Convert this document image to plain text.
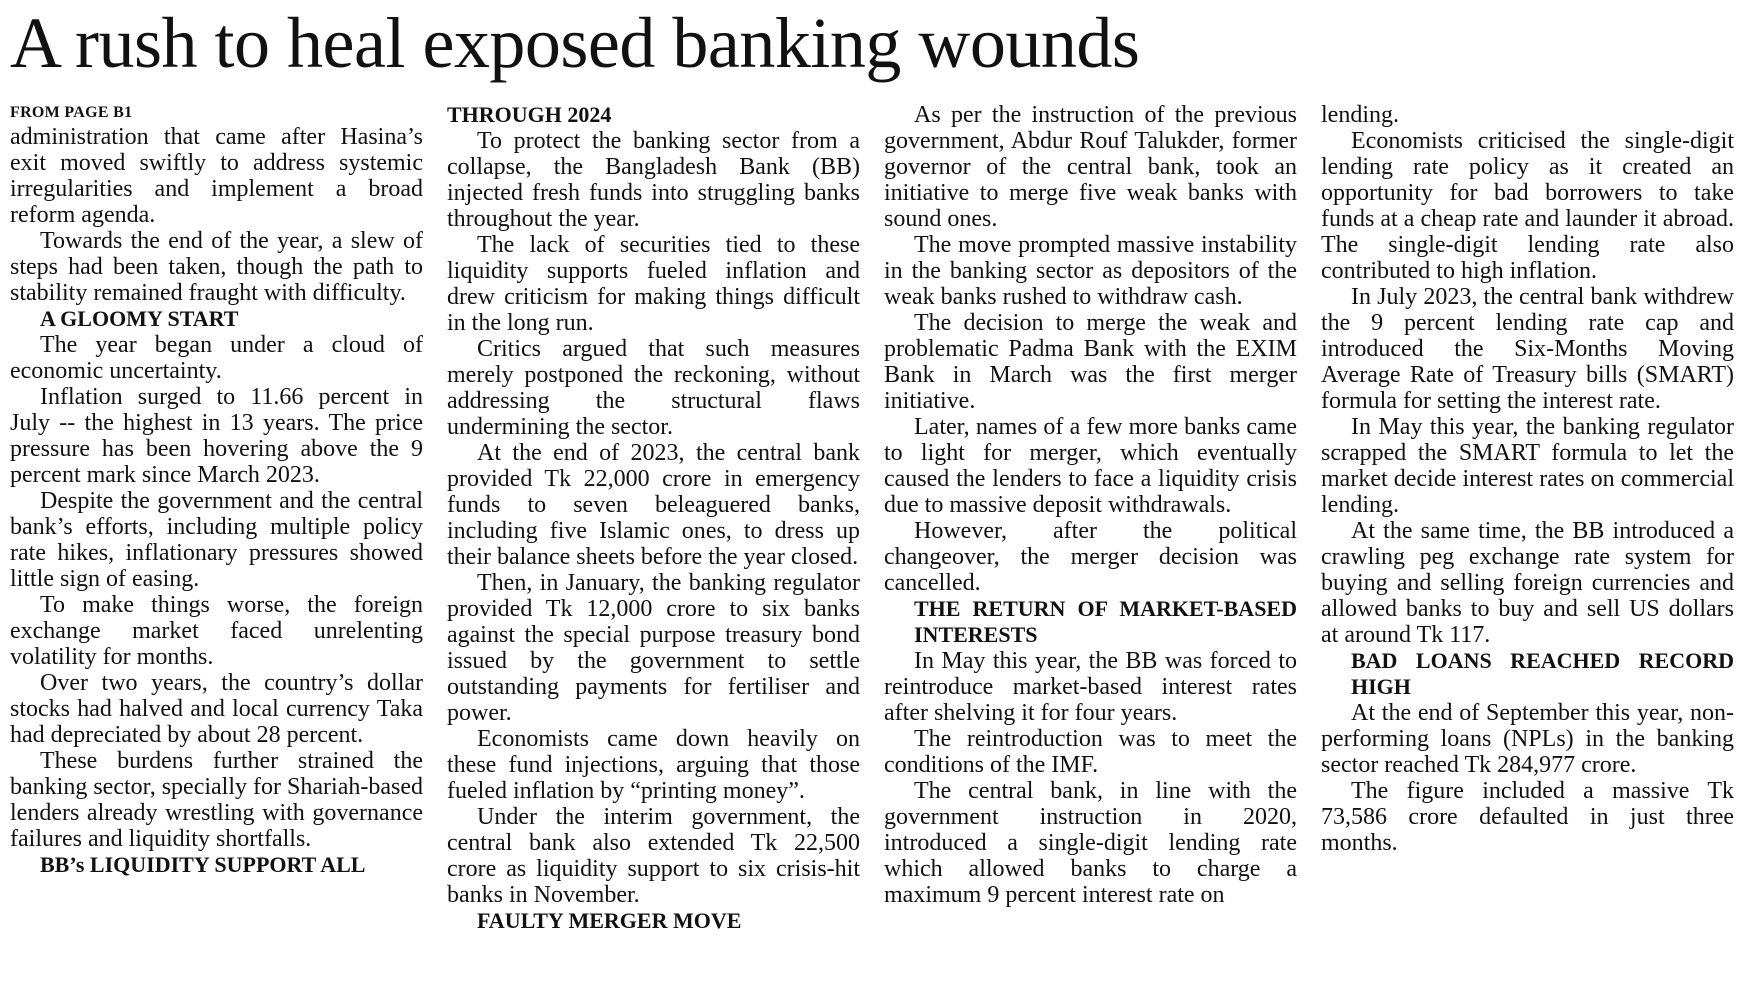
A rush to heal exposed banking wounds
FROM PAGE B1

administration that came after Hasina’s exit moved swiftly to address systemic irregularities and implement a broad reform agenda.

Towards the end of the year, a slew of steps had been taken, though the path to stability remained fraught with difficulty.

A GLOOMY START

The year began under a cloud of economic uncertainty.

Inflation surged to 11.66 percent in July -- the highest in 13 years. The price pressure has been hovering above the 9 percent mark since March 2023.

Despite the government and the central bank’s efforts, including multiple policy rate hikes, inflationary pressures showed little sign of easing.

To make things worse, the foreign exchange market faced unrelenting volatility for months.

Over two years, the country’s dollar stocks had halved and local currency Taka had depreciated by about 28 percent.

These burdens further strained the banking sector, specially for Shariah-based lenders already wrestling with governance failures and liquidity shortfalls.

BB’s LIQUIDITY SUPPORT ALL
THROUGH 2024

To protect the banking sector from a collapse, the Bangladesh Bank (BB) injected fresh funds into struggling banks throughout the year.

The lack of securities tied to these liquidity supports fueled inflation and drew criticism for making things difficult in the long run.

Critics argued that such measures merely postponed the reckoning, without addressing the structural flaws undermining the sector.

At the end of 2023, the central bank provided Tk 22,000 crore in emergency funds to seven beleaguered banks, including five Islamic ones, to dress up their balance sheets before the year closed.

Then, in January, the banking regulator provided Tk 12,000 crore to six banks against the special purpose treasury bond issued by the government to settle outstanding payments for fertiliser and power.

Economists came down heavily on these fund injections, arguing that those fueled inflation by “printing money”.

Under the interim government, the central bank also extended Tk 22,500 crore as liquidity support to six crisis-hit banks in November.

FAULTY MERGER MOVE

As per the instruction of the previous government, Abdur Rouf Talukder, former governor of the central bank, took an initiative to merge five weak banks with sound ones.

The move prompted massive instability in the banking sector as depositors of the weak banks rushed to withdraw cash.

The decision to merge the weak and problematic Padma Bank with the EXIM Bank in March was the first merger initiative.

Later, names of a few more banks came to light for merger, which eventually caused the lenders to face a liquidity crisis due to massive deposit withdrawals.

However, after the political changeover, the merger decision was cancelled.

THE RETURN OF MARKET-BASED INTERESTS

In May this year, the BB was forced to reintroduce market-based interest rates after shelving it for four years.

The reintroduction was to meet the conditions of the IMF.

The central bank, in line with the government instruction in 2020, introduced a single-digit lending rate which allowed banks to charge a maximum 9 percent interest rate on

lending.

Economists criticised the single-digit lending rate policy as it created an opportunity for bad borrowers to take funds at a cheap rate and launder it abroad. The single-digit lending rate also contributed to high inflation.

In July 2023, the central bank withdrew the 9 percent lending rate cap and introduced the Six-Months Moving Average Rate of Treasury bills (SMART) formula for setting the interest rate.

In May this year, the banking regulator scrapped the SMART formula to let the market decide interest rates on commercial lending.

At the same time, the BB introduced a crawling peg exchange rate system for buying and selling foreign currencies and allowed banks to buy and sell US dollars at around Tk 117.

BAD LOANS REACHED RECORD HIGH

At the end of September this year, non-performing loans (NPLs) in the banking sector reached Tk 284,977 crore.

The figure included a massive Tk 73,586 crore defaulted in just three months.
